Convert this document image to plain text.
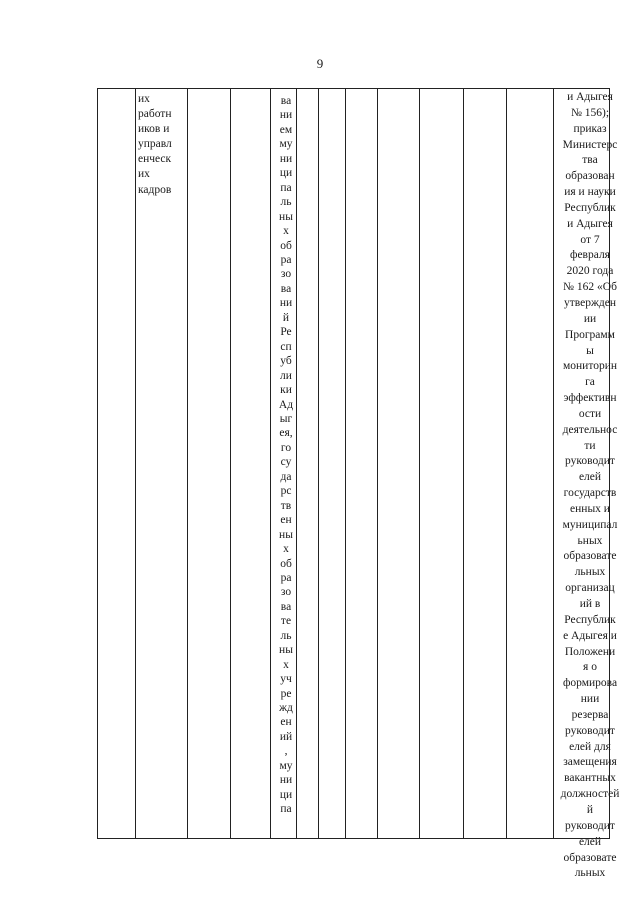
9
их
работн
иков и
управл
енческ
их
кадров
ва
ни
ем
му
ни
ци
па
ль
ны
х
об
ра
зо
ва
ни
й
Ре
сп
уб
ли
ки
Ад
ыг
ея,
го
су
да
рс
тв
ен
ны
х
об
ра
зо
ва
те
ль
ны
х
уч
ре
жд
ен
ий
,
му
ни
ци
па
и Адыгея
№ 156);
приказ
Министерс
тва
образован
ия и науки
Республик
и Адыгея
от 7
февраля
2020 года
№ 162 «Об
утвержден
ии
Программ
ы
мониторин
га
эффективн
ости
деятельнос
ти
руководит
елей
государств
енных и
муниципал
ьных
образовате
льных
организац
ий в
Республик
е Адыгея и
Положени
я о
формирова
нии
резерва
руководит
елей для
замещения
вакантных
должностей
й
руководит
елей
образовате
льных
